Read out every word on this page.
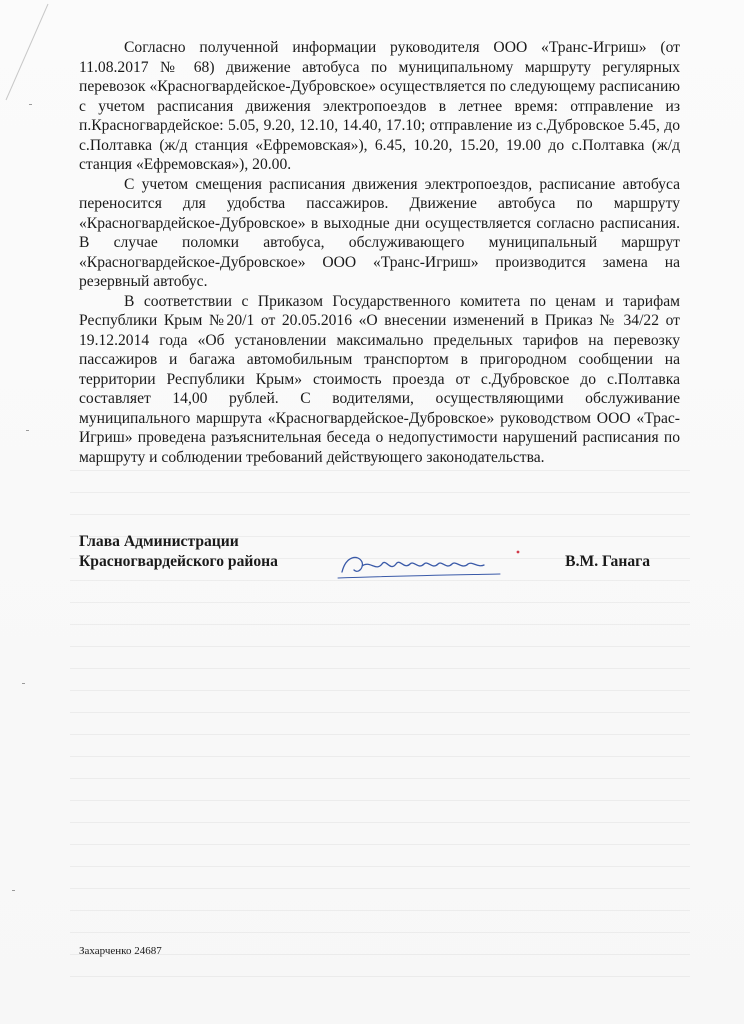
Согласно полученной информации руководителя ООО «Транс-Игриш» (от 11.08.2017 № 68) движение автобуса по муниципальному маршруту регулярных перевозок «Красногвардейское-Дубровское» осуществляется по следующему расписанию с учетом расписания движения электропоездов в летнее время: отправление из п.Красногвардейское: 5.05, 9.20, 12.10, 14.40, 17.10; отправление из с.Дубровское 5.45, до с.Полтавка (ж/д станция «Ефремовская»), 6.45, 10.20, 15.20, 19.00 до с.Полтавка (ж/д станция «Ефремовская»), 20.00.

С учетом смещения расписания движения электропоездов, расписание автобуса переносится для удобства пассажиров. Движение автобуса по маршруту «Красногвардейское-Дубровское» в выходные дни осуществляется согласно расписания. В случае поломки автобуса, обслуживающего муниципальный маршрут «Красногвардейское-Дубровское» ООО «Транс-Игриш» производится замена на резервный автобус.

В соответствии с Приказом Государственного комитета по ценам и тарифам Республики Крым №20/1 от 20.05.2016 «О внесении изменений в Приказ № 34/22 от 19.12.2014 года «Об установлении максимально предельных тарифов на перевозку пассажиров и багажа автомобильным транспортом в пригородном сообщении на территории Республики Крым» стоимость проезда от с.Дубровское до с.Полтавка составляет 14,00 рублей. С водителями, осуществляющими обслуживание муниципального маршрута «Красногвардейское-Дубровское» руководством ООО «Трас-Игриш» проведена разъяснительная беседа о недопустимости нарушений расписания по маршруту и соблюдении требований действующего законодательства.

Глава Администрации
Красногвардейского района	В.М. Ганага
Захарченко 24687
